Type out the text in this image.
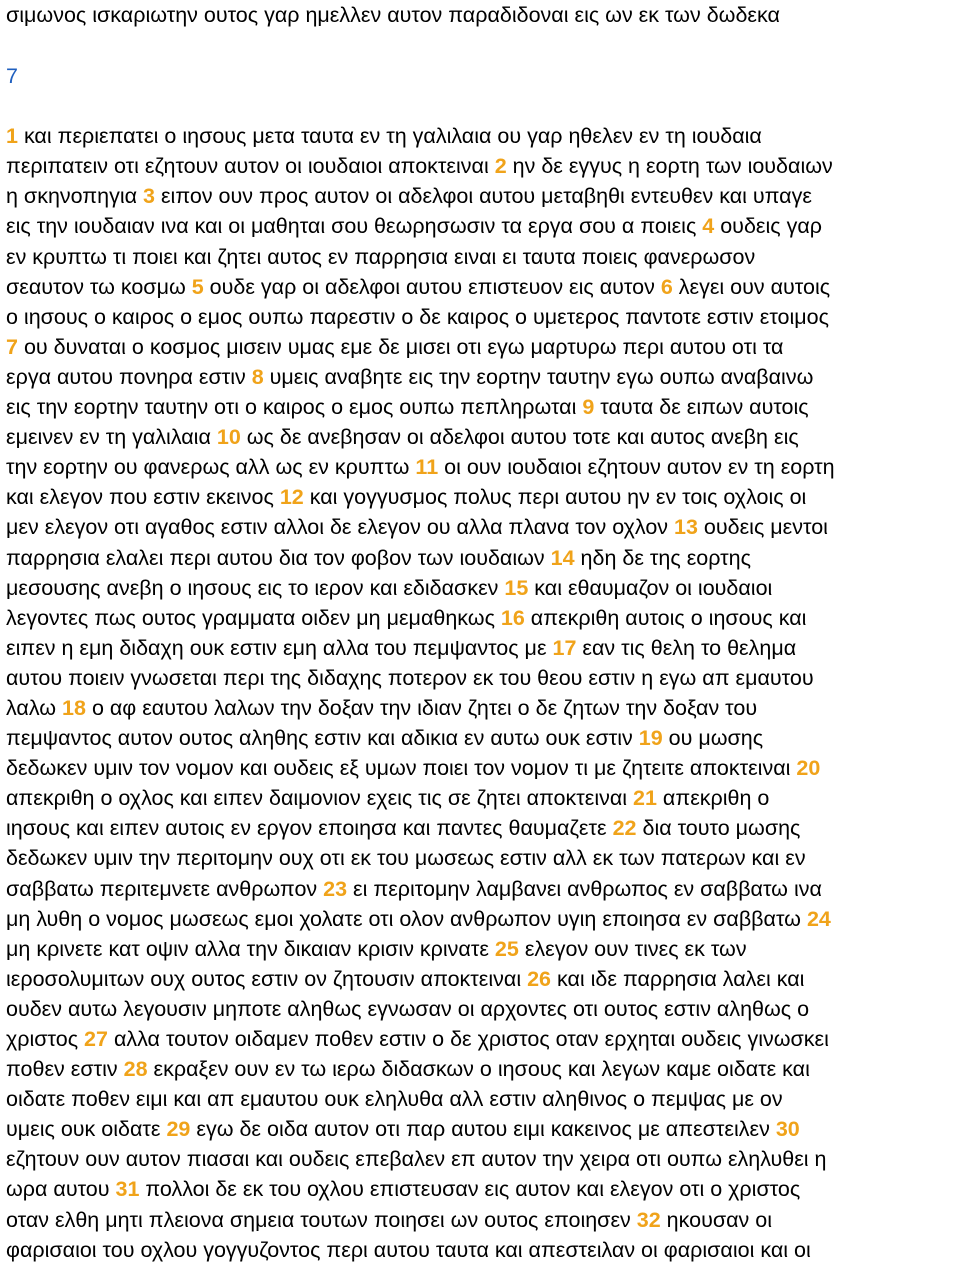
σιμωνος ισκαριωτην ουτος γαρ ημελλεν αυτον παραδιδοναι εις ων εκ των δωδεκα
7
1 και περιεπατει ο ιησους μετα ταυτα εν τη γαλιλαια ου γαρ ηθελεν εν τη ιουδαια
περιπατειν οτι εζητουν αυτον οι ιουδαιοι αποκτειναι 2 ην δε εγγυς η εορτη των ιουδαιων
η σκηνοπηγια 3 ειπον ουν προς αυτον οι αδελφοι αυτου μεταβηθι εντευθεν και υπαγε
εις την ιουδαιαν ινα και οι μαθηται σου θεωρησωσιν τα εργα σου α ποιεις 4 ουδεις γαρ
εν κρυπτω τι ποιει και ζητει αυτος εν παρρησια ειναι ει ταυτα ποιεις φανερωσον
σεαυτον τω κοσμω 5 ουδε γαρ οι αδελφοι αυτου επιστευον εις αυτον 6 λεγει ουν αυτοις
ο ιησους ο καιρος ο εμος ουπω παρεστιν ο δε καιρος ο υμετερος παντοτε εστιν ετοιμος
7 ου δυναται ο κοσμος μισειν υμας εμε δε μισει οτι εγω μαρτυρω περι αυτου οτι τα
εργα αυτου πονηρα εστιν 8 υμεις αναβητε εις την εορτην ταυτην εγω ουπω αναβαινω
εις την εορτην ταυτην οτι ο καιρος ο εμος ουπω πεπληρωται 9 ταυτα δε ειπων αυτοις
εμεινεν εν τη γαλιλαια 10 ως δε ανεβησαν οι αδελφοι αυτου τοτε και αυτος ανεβη εις
την εορτην ου φανερως αλλ ως εν κρυπτω 11 οι ουν ιουδαιοι εζητουν αυτον εν τη εορτη
και ελεγον που εστιν εκεινος 12 και γογγυσμος πολυς περι αυτου ην εν τοις οχλοις οι
μεν ελεγον οτι αγαθος εστιν αλλοι δε ελεγον ου αλλα πλανα τον οχλον 13 ουδεις μεντοι
παρρησια ελαλει περι αυτου δια τον φοβον των ιουδαιων 14 ηδη δε της εορτης
μεσουσης ανεβη ο ιησους εις το ιερον και εδιδασκεν 15 και εθαυμαζον οι ιουδαιοι
λεγοντες πως ουτος γραμματα οιδεν μη μεμαθηκως 16 απεκριθη αυτοις ο ιησους και
ειπεν η εμη διδαχη ουκ εστιν εμη αλλα του πεμψαντος με 17 εαν τις θελη το θελημα
αυτου ποιειν γνωσεται περι της διδαχης ποτερον εκ του θεου εστιν η εγω απ εμαυτου
λαλω 18 ο αφ εαυτου λαλων την δοξαν την ιδιαν ζητει ο δε ζητων την δοξαν του
πεμψαντος αυτον ουτος αληθης εστιν και αδικια εν αυτω ουκ εστιν 19 ου μωσης
δεδωκεν υμιν τον νομον και ουδεις εξ υμων ποιει τον νομον τι με ζητειτε αποκτειναι 20
απεκριθη ο οχλος και ειπεν δαιμονιον εχεις τις σε ζητει αποκτειναι 21 απεκριθη ο
ιησους και ειπεν αυτοις εν εργον εποιησα και παντες θαυμαζετε 22 δια τουτο μωσης
δεδωκεν υμιν την περιτομην ουχ οτι εκ του μωσεως εστιν αλλ εκ των πατερων και εν
σαββατω περιτεμνετε ανθρωπον 23 ει περιτομην λαμβανει ανθρωπος εν σαββατω ινα
μη λυθη ο νομος μωσεως εμοι χολατε οτι ολον ανθρωπον υγιη εποιησα εν σαββατω 24
μη κρινετε κατ οψιν αλλα την δικαιαν κρισιν κρινατε 25 ελεγον ουν τινες εκ των
ιεροσολυμιτων ουχ ουτος εστιν ον ζητουσιν αποκτειναι 26 και ιδε παρρησια λαλει και
ουδεν αυτω λεγουσιν μηποτε αληθως εγνωσαν οι αρχοντες οτι ουτος εστιν αληθως ο
χριστος 27 αλλα τουτον οιδαμεν ποθεν εστιν ο δε χριστος οταν ερχηται ουδεις γινωσκει
ποθεν εστιν 28 εκραξεν ουν εν τω ιερω διδασκων ο ιησους και λεγων καμε οιδατε και
οιδατε ποθεν ειμι και απ εμαυτου ουκ εληλυθα αλλ εστιν αληθινος ο πεμψας με ον
υμεις ουκ οιδατε 29 εγω δε οιδα αυτον οτι παρ αυτου ειμι κακεινος με απεστειλεν 30
εζητουν ουν αυτον πιασαι και ουδεις επεβαλεν επ αυτον την χειρα οτι ουπω εληλυθει η
ωρα αυτου 31 πολλοι δε εκ του οχλου επιστευσαν εις αυτον και ελεγον οτι ο χριστος
οταν ελθη μητι πλειονα σημεια τουτων ποιησει ων ουτος εποιησεν 32 ηκουσαν οι
φαρισαιοι του οχλου γογγυζοντος περι αυτου ταυτα και απεστειλαν οι φαρισαιοι και οι
